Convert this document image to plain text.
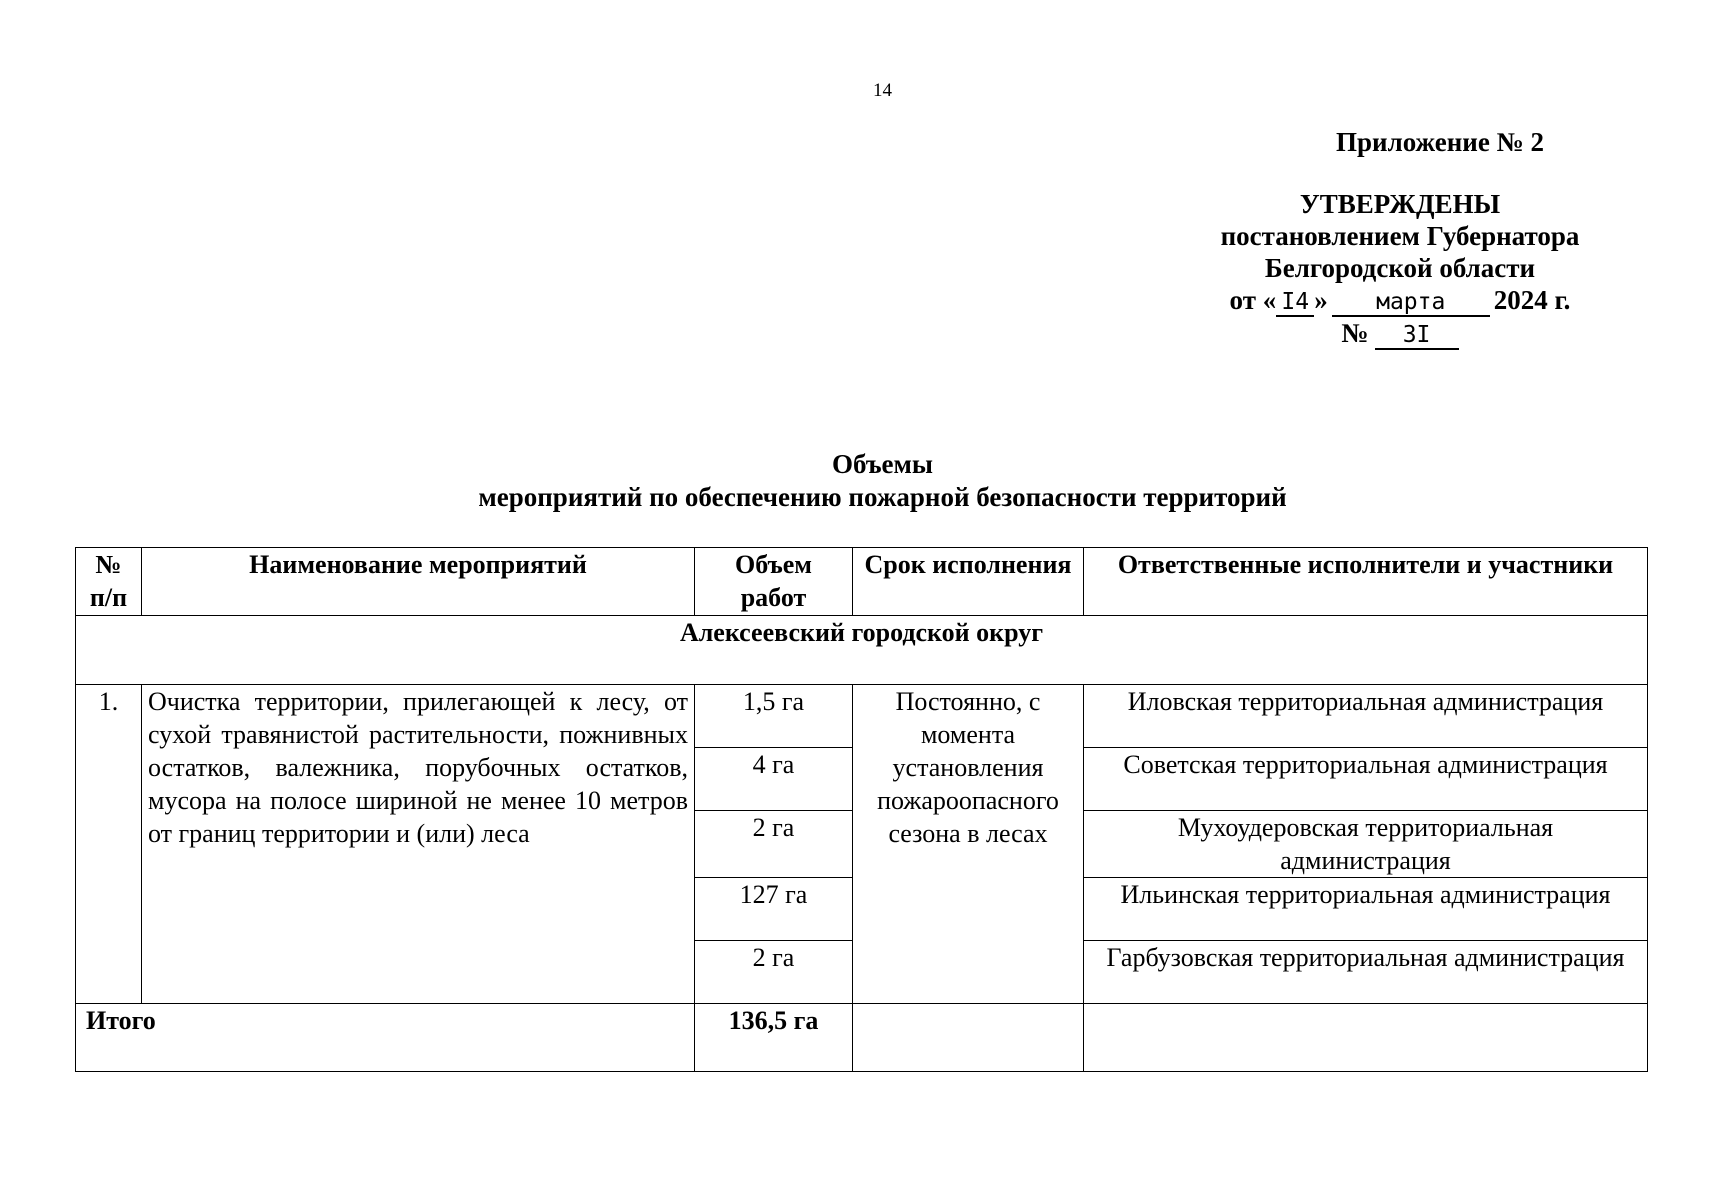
14
Приложение № 2
УТВЕРЖДЕНЫ
постановлением Губернатора
Белгородской области
от « I4 » марта 2024 г.
№ 3I
Объемы
мероприятий по обеспечению пожарной безопасности территорий
№ п/п	Наименование мероприятий	Объем работ	Срок исполнения	Ответственные исполнители и участники
Алексеевский городской округ				
1.	Очистка территории, прилегающей к лесу, от сухой травянистой растительности, пожнивных остатков, валежника, порубочных остатков, мусора на полосе шириной не менее 10 метров от границ территории и (или) леса	1,5 га	Постоянно, с момента установления пожароопасного сезона в лесах	Иловская территориальная администрация
		4 га		Советская территориальная администрация
		2 га		Мухоудеровская территориальная администрация
		127 га		Ильинская территориальная администрация
		2 га		Гарбузовская территориальная администрация
Итого		136,5 га		
